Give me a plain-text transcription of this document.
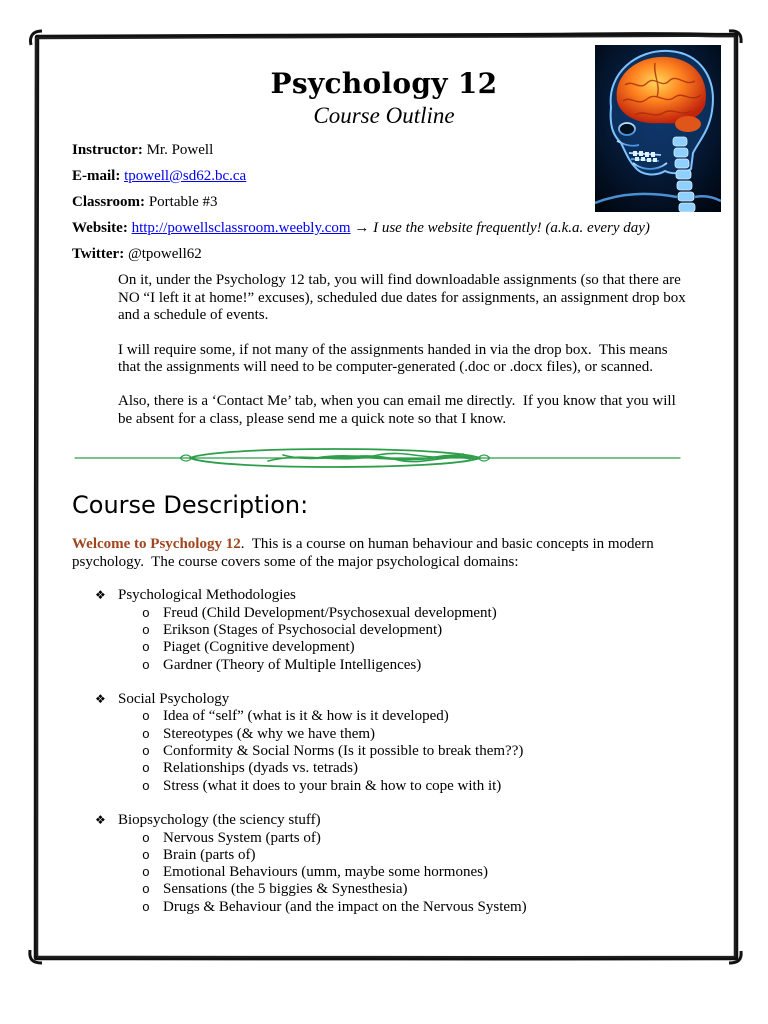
Psychology 12
Course Outline
Instructor: Mr. Powell
E-mail: tpowell@sd62.bc.ca
Classroom: Portable #3
Website: http://powellsclassroom.weebly.com → I use the website frequently! (a.k.a. every day)
Twitter: @tpowell62

On it, under the Psychology 12 tab, you will find downloadable assignments (so that there are NO “I left it at home!” excuses), scheduled due dates for assignments, an assignment drop box and a schedule of events.

I will require some, if not many of the assignments handed in via the drop box.  This means that the assignments will need to be computer-generated (.doc or .docx files), or scanned.

Also, there is a ‘Contact Me’ tab, when you can email me directly.  If you know that you will be absent for a class, please send me a quick note so that I know.

Course Description:

Welcome to Psychology 12.  This is a course on human behaviour and basic concepts in modern psychology.  The course covers some of the major psychological domains:

❖ Psychological Methodologies
o Freud (Child Development/Psychosexual development)
o Erikson (Stages of Psychosocial development)
o Piaget (Cognitive development)
o Gardner (Theory of Multiple Intelligences)
❖ Social Psychology
o Idea of “self” (what is it & how is it developed)
o Stereotypes (& why we have them)
o Conformity & Social Norms (Is it possible to break them??)
o Relationships (dyads vs. tetrads)
o Stress (what it does to your brain & how to cope with it)
❖ Biopsychology (the sciency stuff)
o Nervous System (parts of)
o Brain (parts of)
o Emotional Behaviours (umm, maybe some hormones)
o Sensations (the 5 biggies & Synesthesia)
o Drugs & Behaviour (and the impact on the Nervous System)
